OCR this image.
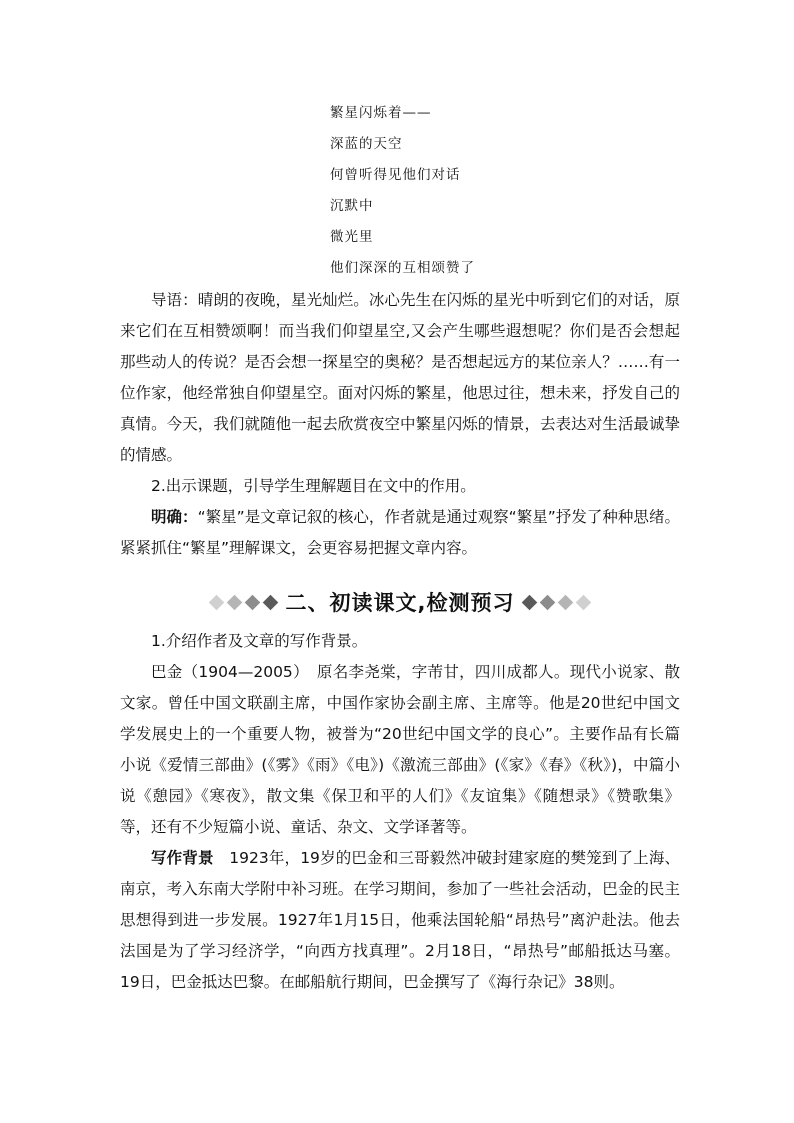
繁星闪烁着——
深蓝的天空
何曾听得见他们对话
沉默中
微光里
他们深深的互相颂赞了

导语：晴朗的夜晚，星光灿烂。冰心先生在闪烁的星光中听到它们的对话，原来它们在互相赞颂啊！而当我们仰望星空,又会产生哪些遐想呢？你们是否会想起那些动人的传说？是否会想一探星空的奥秘？是否想起远方的某位亲人？……有一位作家，他经常独自仰望星空。面对闪烁的繁星，他思过往，想未来，抒发自己的真情。今天，我们就随他一起去欣赏夜空中繁星闪烁的情景，去表达对生活最诚挚的情感。

2.出示课题，引导学生理解题目在文中的作用。

明确：“繁星”是文章记叙的核心，作者就是通过观察“繁星”抒发了种种思绪。紧紧抓住“繁星”理解课文，会更容易把握文章内容。

二、初读课文,检测预习

1.介绍作者及文章的写作背景。

巴金（1904—2005）　原名李尧棠，字芾甘，四川成都人。现代小说家、散文家。曾任中国文联副主席，中国作家协会副主席、主席等。他是20世纪中国文学发展史上的一个重要人物，被誉为“20世纪中国文学的良心”。主要作品有长篇小说《爱情三部曲》(《雾》《雨》《电》)《激流三部曲》(《家》《春》《秋》)，中篇小说《憩园》《寒夜》，散文集《保卫和平的人们》《友谊集》《随想录》《赞歌集》等，还有不少短篇小说、童话、杂文、文学译著等。

写作背景　1923年，19岁的巴金和三哥毅然冲破封建家庭的樊笼到了上海、南京，考入东南大学附中补习班。在学习期间，参加了一些社会活动，巴金的民主思想得到进一步发展。1927年1月15日，他乘法国轮船“昂热号”离沪赴法。他去法国是为了学习经济学，“向西方找真理”。2月18日，“昂热号”邮船抵达马塞。19日，巴金抵达巴黎。在邮船航行期间，巴金撰写了《海行杂记》38则。
